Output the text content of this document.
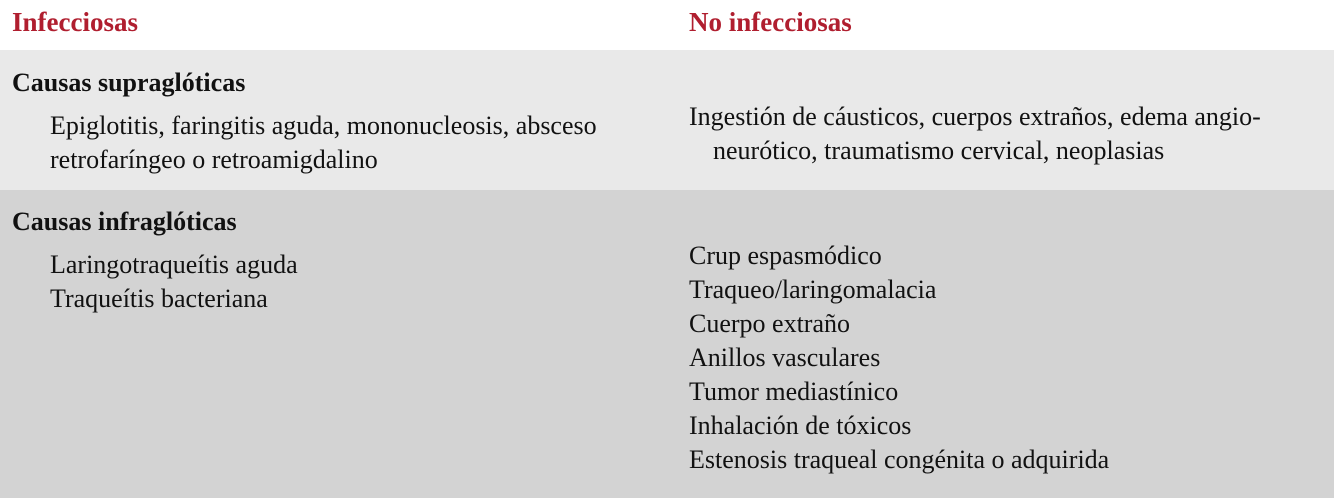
Infecciosas	No infecciosas
Causas supraglóticas
Epiglotitis, faringitis aguda, mononucleosis, absceso
retrofaríngeo o retroamigdalino
Ingestión de cáusticos, cuerpos extraños, edema angio-
neurótico, traumatismo cervical, neoplasias
Causas infraglóticas
Laringotraqueítis aguda
Traqueítis bacteriana
Crup espasmódico
Traqueo/laringomalacia
Cuerpo extraño
Anillos vasculares
Tumor mediastínico
Inhalación de tóxicos
Estenosis traqueal congénita o adquirida
